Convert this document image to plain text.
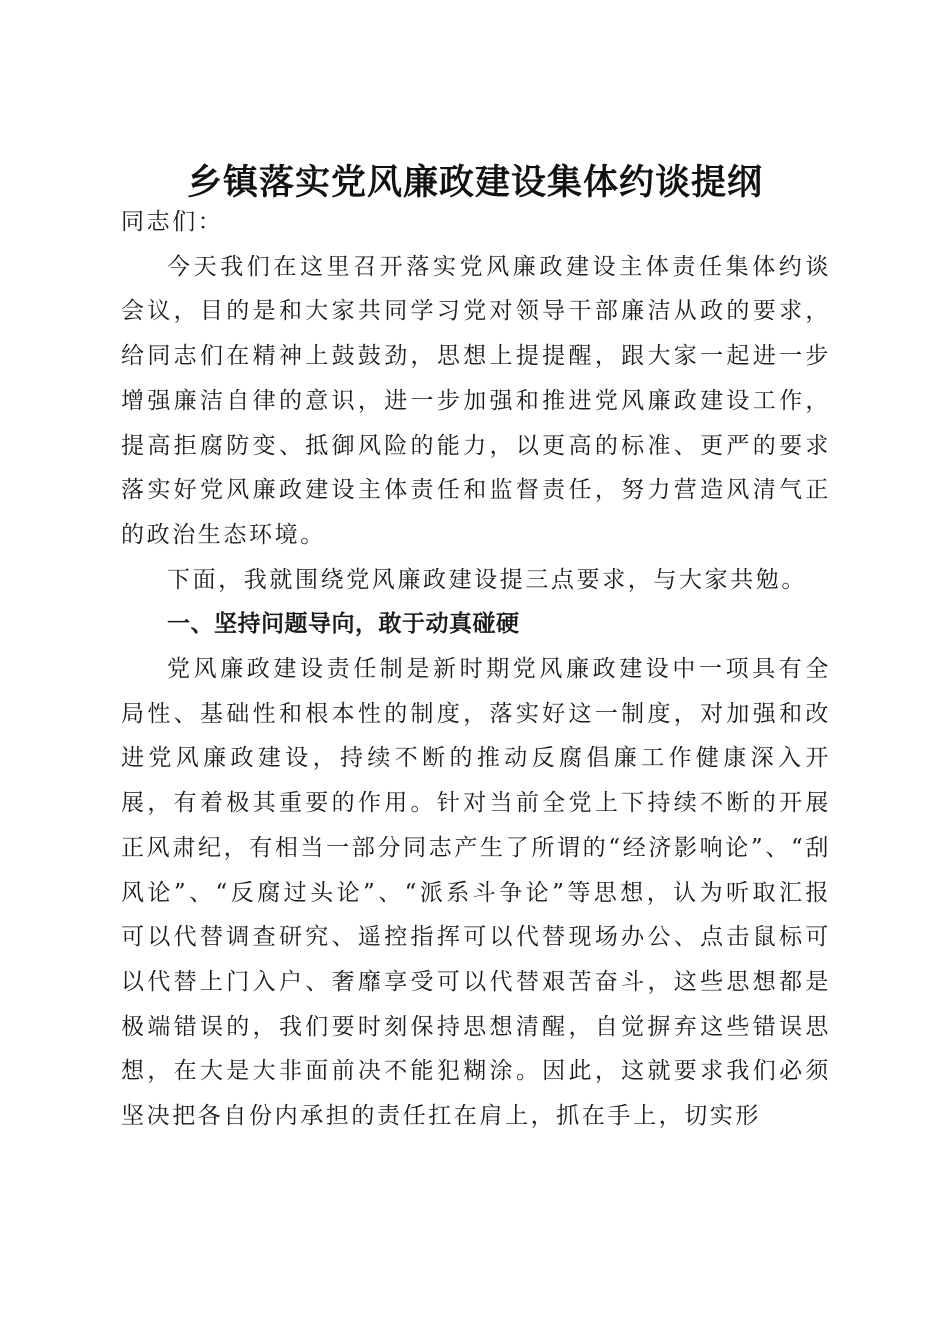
乡镇落实党风廉政建设集体约谈提纲

同志们：

今天我们在这里召开落实党风廉政建设主体责任集体约谈会议，目的是和大家共同学习党对领导干部廉洁从政的要求，给同志们在精神上鼓鼓劲，思想上提提醒，跟大家一起进一步增强廉洁自律的意识，进一步加强和推进党风廉政建设工作，提高拒腐防变、抵御风险的能力，以更高的标准、更严的要求落实好党风廉政建设主体责任和监督责任，努力营造风清气正的政治生态环境。

下面，我就围绕党风廉政建设提三点要求，与大家共勉。

一、坚持问题导向，敢于动真碰硬

党风廉政建设责任制是新时期党风廉政建设中一项具有全局性、基础性和根本性的制度，落实好这一制度，对加强和改进党风廉政建设，持续不断的推动反腐倡廉工作健康深入开展，有着极其重要的作用。针对当前全党上下持续不断的开展正风肃纪，有相当一部分同志产生了所谓的“经济影响论”、“刮风论”、“反腐过头论”、“派系斗争论”等思想，认为听取汇报可以代替调查研究、遥控指挥可以代替现场办公、点击鼠标可以代替上门入户、奢靡享受可以代替艰苦奋斗，这些思想都是极端错误的，我们要时刻保持思想清醒，自觉摒弃这些错误思想，在大是大非面前决不能犯糊涂。因此，这就要求我们必须坚决把各自份内承担的责任扛在肩上，抓在手上，切实形
